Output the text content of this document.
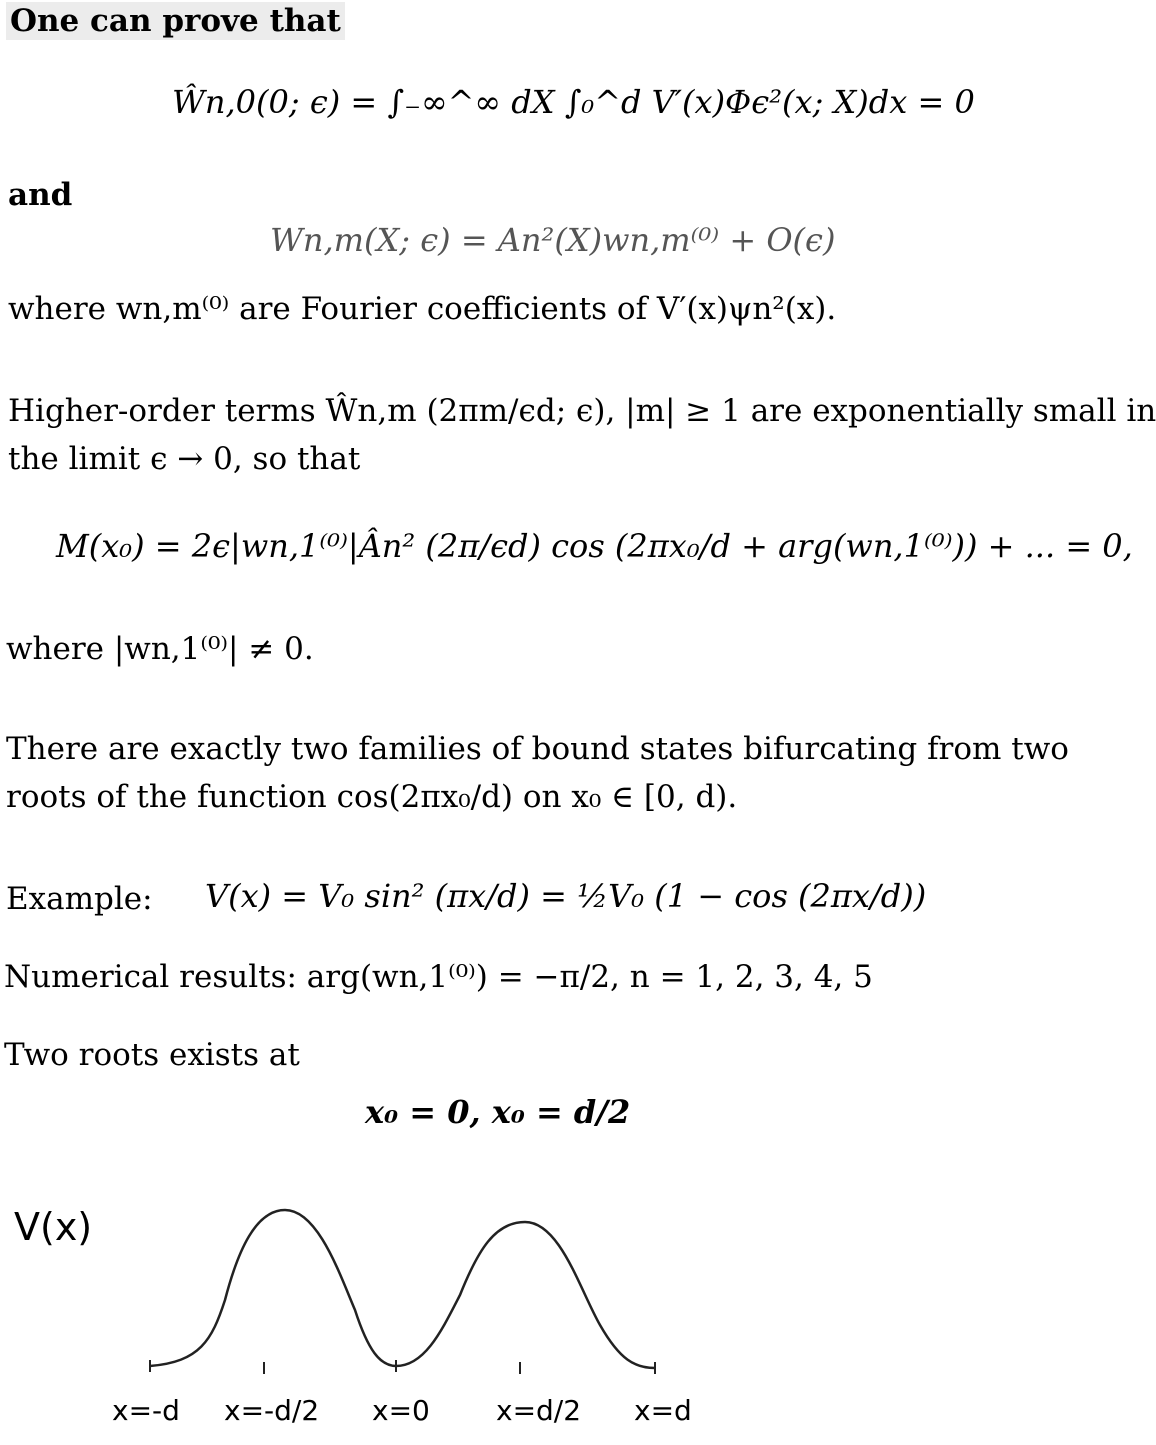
One can prove that
Ŵn,0(0; ϵ) = ∫₋∞^∞ dX ∫₀^d V′(x)Φϵ²(x; X)dx = 0
and
Wn,m(X; ϵ) = An²(X)wn,m⁽⁰⁾ + O(ϵ)
where wn,m⁽⁰⁾ are Fourier coefficients of V′(x)ψn²(x).
Higher-order terms Ŵn,m (2πm/ϵd; ϵ), |m| ≥ 1 are exponentially small in
the limit ϵ → 0, so that
M(x₀) = 2ϵ|wn,1⁽⁰⁾|Ân² (2π/ϵd) cos (2πx₀/d + arg(wn,1⁽⁰⁾)) + ... = 0,
where |wn,1⁽⁰⁾| ≠ 0.
There are exactly two families of bound states bifurcating from two
roots of the function cos(2πx₀/d) on x₀ ∈ [0, d).
Example: V(x) = V₀ sin² (πx/d) = ½V₀ (1 − cos (2πx/d))
Numerical results: arg(wn,1⁽⁰⁾) = −π/2, n = 1, 2, 3, 4, 5
Two roots exists at
x₀ = 0, x₀ = d/2
V(x)
x=-d x=-d/2 x=0 x=d/2 x=d
